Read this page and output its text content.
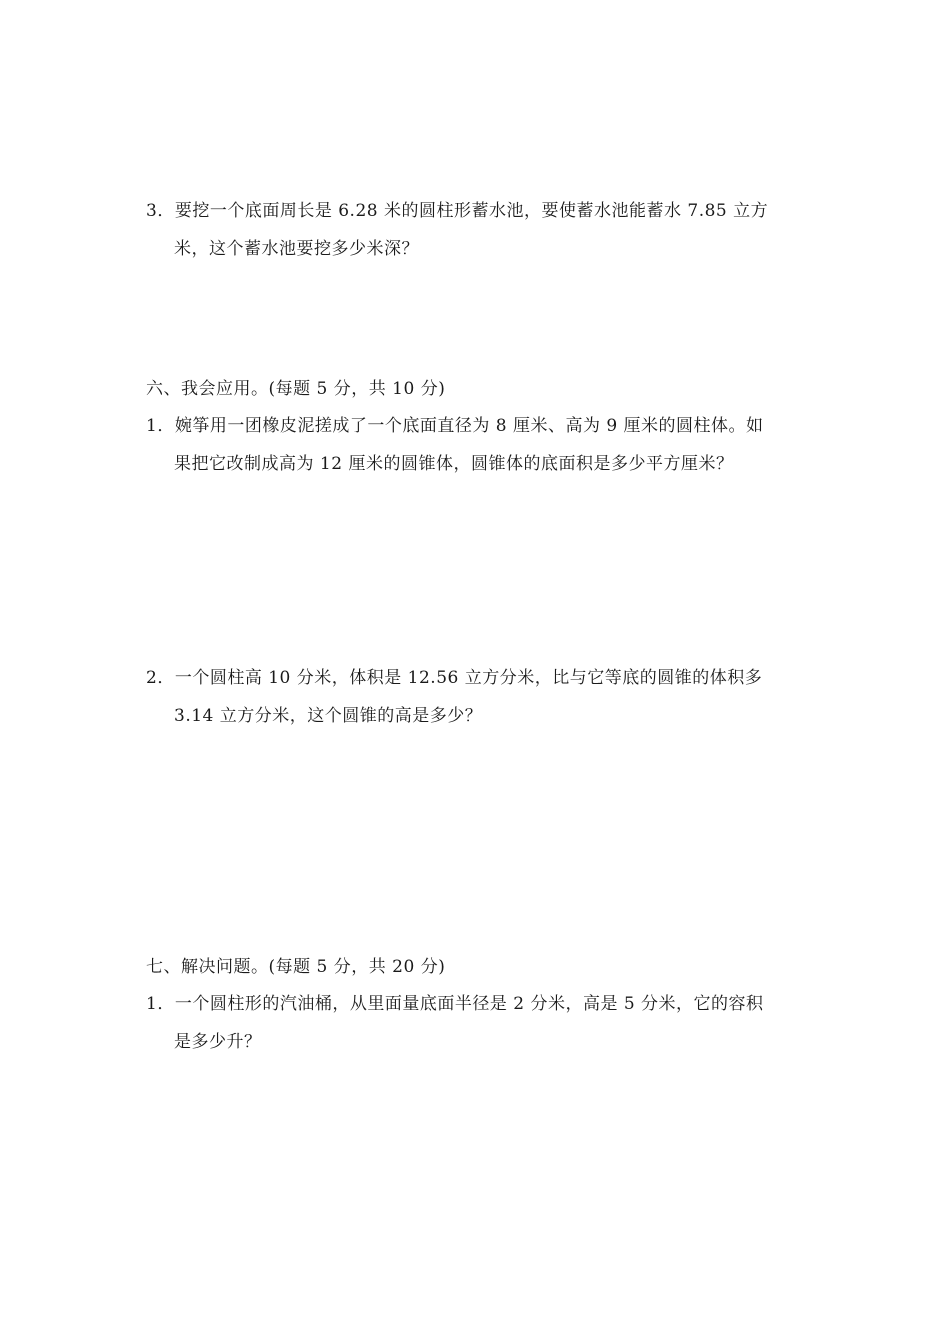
3．要挖一个底面周长是 6.28 米的圆柱形蓄水池，要使蓄水池能蓄水 7.85 立方
米，这个蓄水池要挖多少米深？
六、我会应用。(每题 5 分，共 10 分)
1．婉筝用一团橡皮泥搓成了一个底面直径为 8 厘米、高为 9 厘米的圆柱体。如
果把它改制成高为 12 厘米的圆锥体，圆锥体的底面积是多少平方厘米？
2．一个圆柱高 10 分米，体积是 12.56 立方分米，比与它等底的圆锥的体积多
3.14 立方分米，这个圆锥的高是多少？
七、解决问题。(每题 5 分，共 20 分)
1．一个圆柱形的汽油桶，从里面量底面半径是 2 分米，高是 5 分米，它的容积
是多少升？
